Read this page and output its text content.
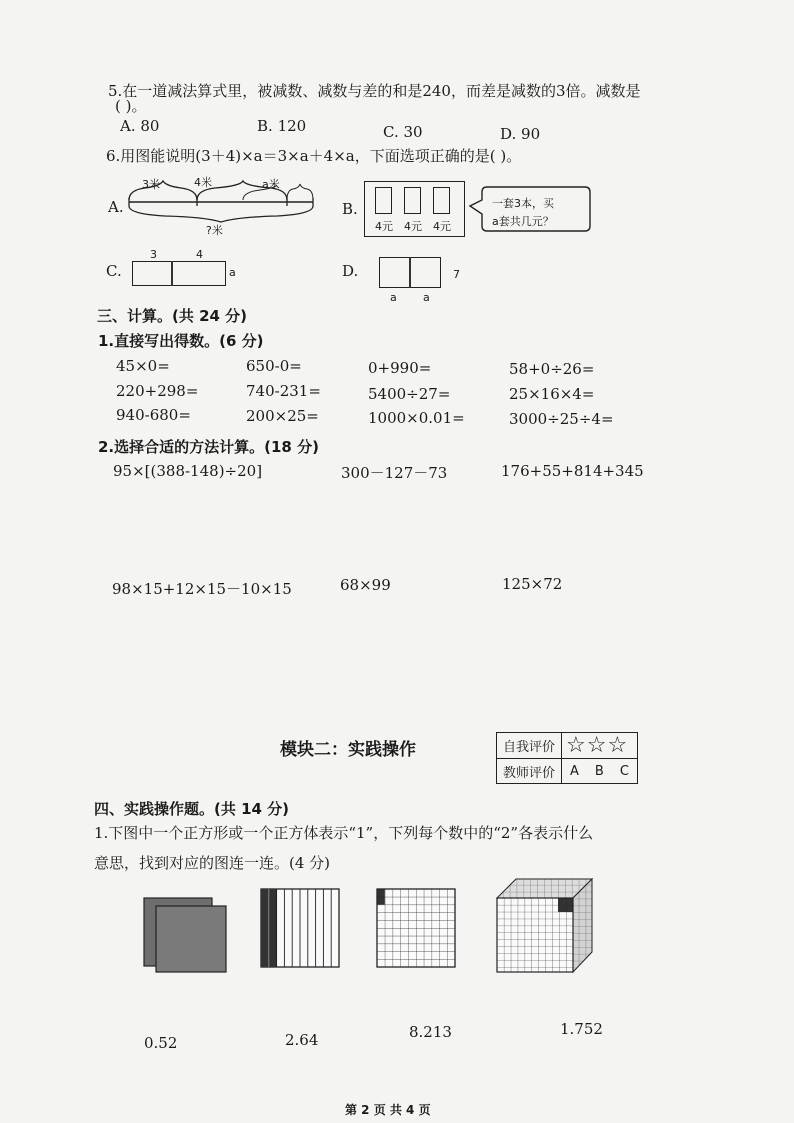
5.在一道减法算式里，被减数、减数与差的和是240，而差是减数的3倍。减数是
( )。
A. 80	B. 120	C. 30	D. 90
6.用图能说明(3＋4)×a＝3×a＋4×a，下面选项正确的是( )。
A.
3米	4米	a米
?米
B.
4元 4元 4元
一套3本，买
a套共几元？
C.
3	4
a	D.
a a
7
三、计算。(共 24 分)
1.直接写出得数。(6 分)
45×0=	650-0=	0+990=	58+0÷26=
220+298=	740-231=	5400÷27=	25×16×4=
940-680=	200×25=	1000×0.01=	3000÷25÷4=
2.选择合适的方法计算。(18 分)
95×[(388-148)÷20]	300－127－73	176+55+814+345
98×15+12×15－10×15	68×99	125×72
模块二：实践操作	自我评价	☆☆☆		
教师评价	A	B	C
四、实践操作题。(共 14 分)
1.下图中一个正方形或一个正方体表示“1”，下列每个数中的“2”各表示什么
意思，找到对应的图连一连。(4 分)
0.52	2.64	8.213	1.752
第 2 页 共 4 页
